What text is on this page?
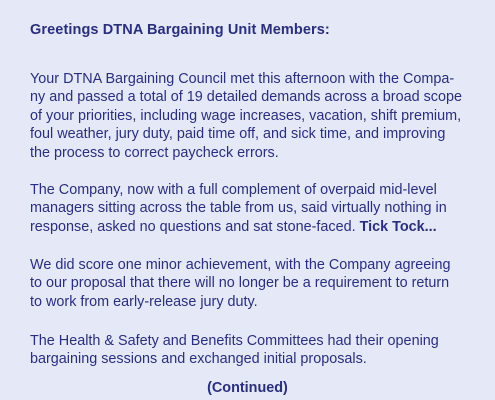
Greetings DTNA Bargaining Unit Members:

Your DTNA Bargaining Council met this afternoon with the Compa-
ny and passed a total of 19 detailed demands across a broad scope
of your priorities, including wage increases, vacation, shift premium,
foul weather, jury duty, paid time off, and sick time, and improving
the process to correct paycheck errors.

The Company, now with a full complement of overpaid mid-level
managers sitting across the table from us, said virtually nothing in
response, asked no questions and sat stone-faced. Tick Tock...

We did score one minor achievement, with the Company agreeing
to our proposal that there will no longer be a requirement to return
to work from early-release jury duty.

The Health & Safety and Benefits Committees had their opening
bargaining sessions and exchanged initial proposals.

(Continued)
